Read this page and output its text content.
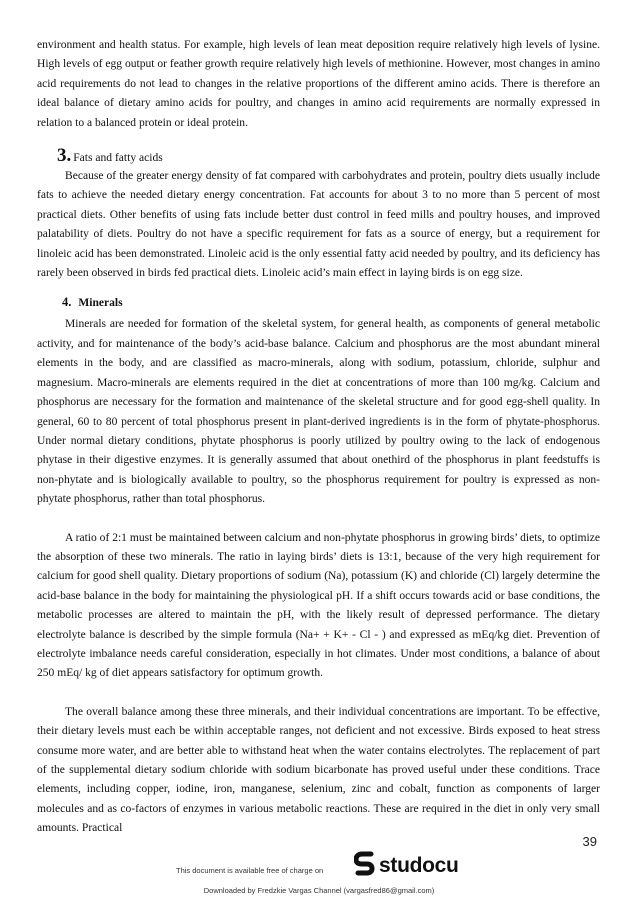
environment and health status. For example, high levels of lean meat deposition require relatively high levels of lysine. High levels of egg output or feather growth require relatively high levels of methionine. However, most changes in amino acid requirements do not lead to changes in the relative proportions of the different amino acids. There is therefore an ideal balance of dietary amino acids for poultry, and changes in amino acid requirements are normally expressed in relation to a balanced protein or ideal protein.

3. Fats and fatty acids

Because of the greater energy density of fat compared with carbohydrates and protein, poultry diets usually include fats to achieve the needed dietary energy concentration. Fat accounts for about 3 to no more than 5 percent of most practical diets. Other benefits of using fats include better dust control in feed mills and poultry houses, and improved palatability of diets. Poultry do not have a specific requirement for fats as a source of energy, but a requirement for linoleic acid has been demonstrated. Linoleic acid is the only essential fatty acid needed by poultry, and its deficiency has rarely been observed in birds fed practical diets. Linoleic acid’s main effect in laying birds is on egg size.

4. Minerals

Minerals are needed for formation of the skeletal system, for general health, as components of general metabolic activity, and for maintenance of the body’s acid-base balance. Calcium and phosphorus are the most abundant mineral elements in the body, and are classified as macro-minerals, along with sodium, potassium, chloride, sulphur and magnesium. Macro-minerals are elements required in the diet at concentrations of more than 100 mg/kg. Calcium and phosphorus are necessary for the formation and maintenance of the skeletal structure and for good egg-shell quality. In general, 60 to 80 percent of total phosphorus present in plant-derived ingredients is in the form of phytate-phosphorus. Under normal dietary conditions, phytate phosphorus is poorly utilized by poultry owing to the lack of endogenous phytase in their digestive enzymes. It is generally assumed that about onethird of the phosphorus in plant feedstuffs is non-phytate and is biologically available to poultry, so the phosphorus requirement for poultry is expressed as non-phytate phosphorus, rather than total phosphorus.

A ratio of 2:1 must be maintained between calcium and non-phytate phosphorus in growing birds’ diets, to optimize the absorption of these two minerals. The ratio in laying birds’ diets is 13:1, because of the very high requirement for calcium for good shell quality. Dietary proportions of sodium (Na), potassium (K) and chloride (Cl) largely determine the acid-base balance in the body for maintaining the physiological pH. If a shift occurs towards acid or base conditions, the metabolic processes are altered to maintain the pH, with the likely result of depressed performance. The dietary electrolyte balance is described by the simple formula (Na+ + K+ - Cl - ) and expressed as mEq/kg diet. Prevention of electrolyte imbalance needs careful consideration, especially in hot climates. Under most conditions, a balance of about 250 mEq/ kg of diet appears satisfactory for optimum growth.

The overall balance among these three minerals, and their individual concentrations are important. To be effective, their dietary levels must each be within acceptable ranges, not deficient and not excessive. Birds exposed to heat stress consume more water, and are better able to withstand heat when the water contains electrolytes. The replacement of part of the supplemental dietary sodium chloride with sodium bicarbonate has proved useful under these conditions. Trace elements, including copper, iodine, iron, manganese, selenium, zinc and cobalt, function as components of larger molecules and as co-factors of enzymes in various metabolic reactions. These are required in the diet in only very small amounts. Practical

39
This document is available free of charge on	studocu
Downloaded by Fredzkie Vargas Channel (vargasfred86@gmail.com)
